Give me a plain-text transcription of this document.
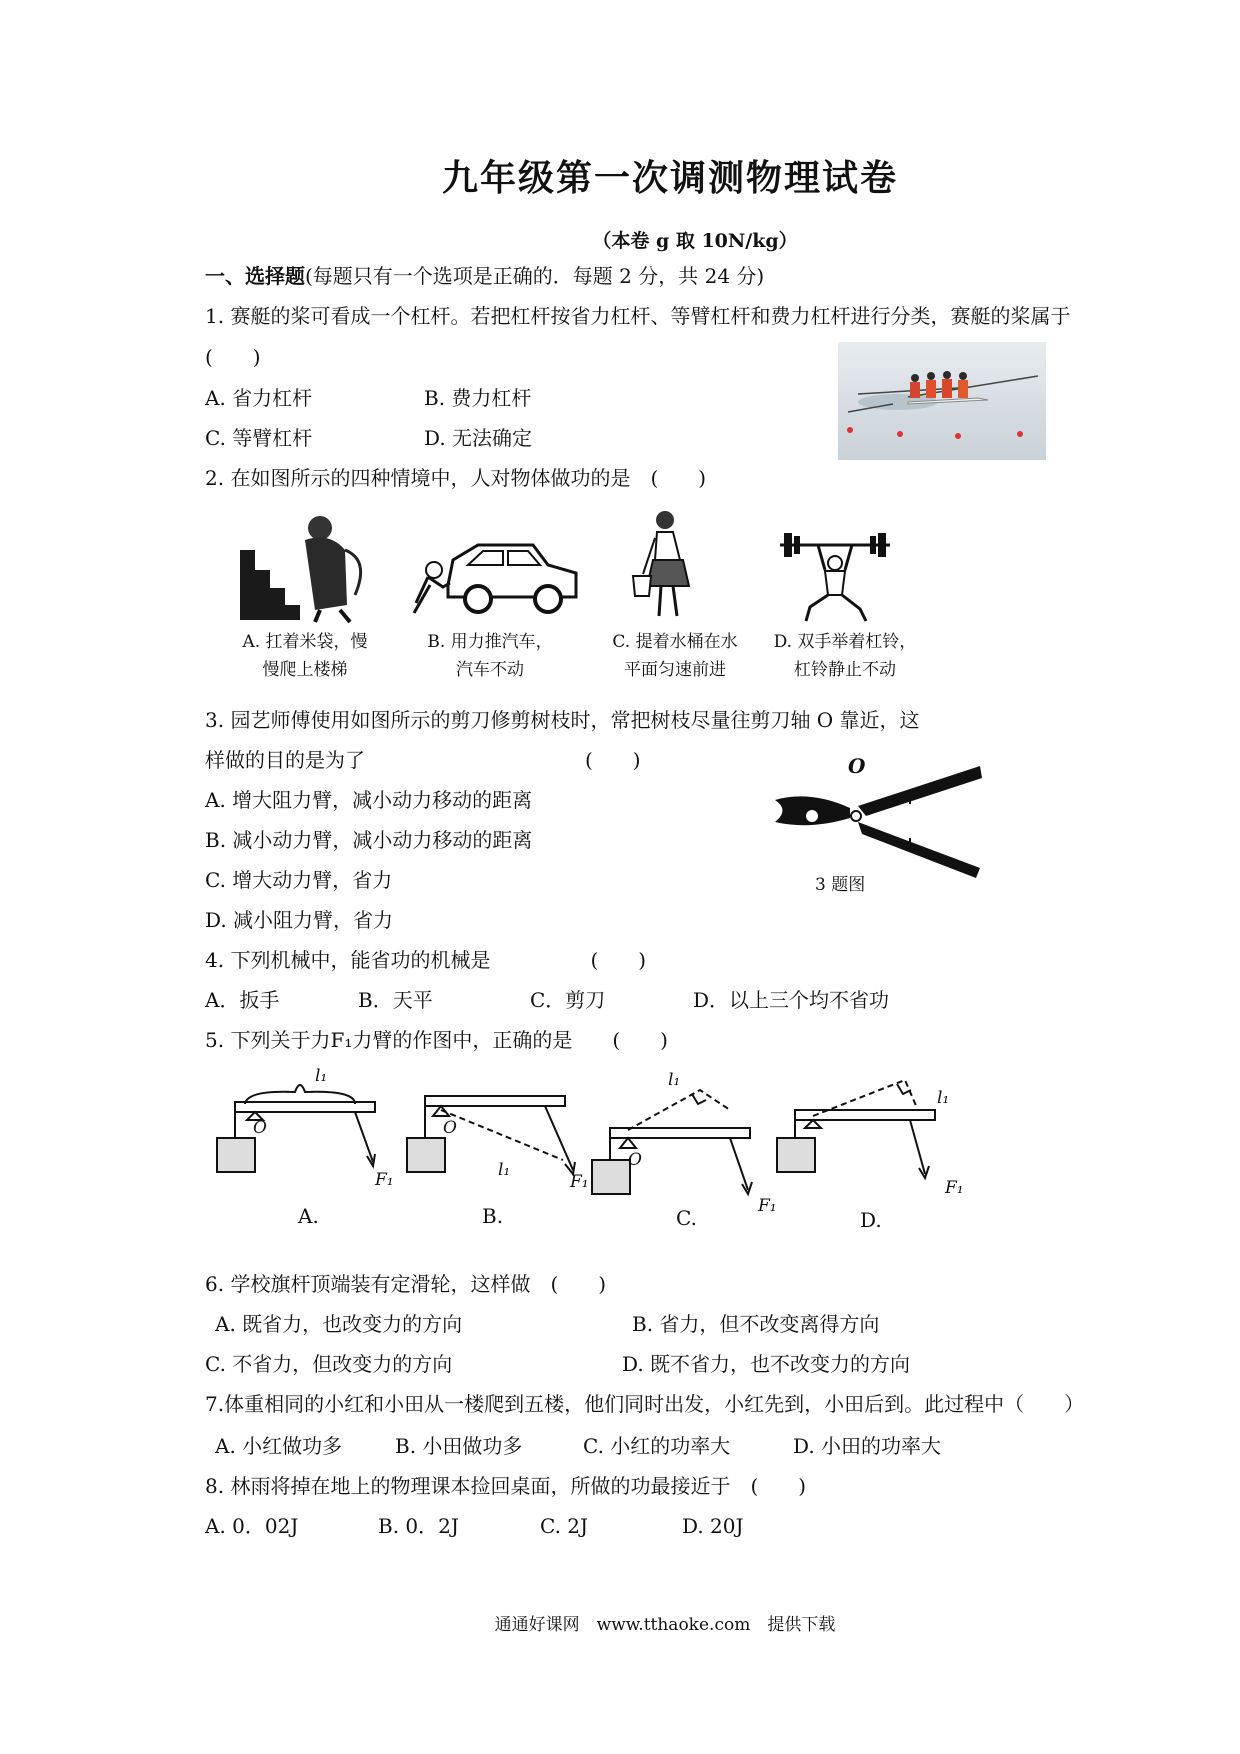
九年级第一次调测物理试卷
（本卷 g 取 10N/kg）
一、选择题(每题只有一个选项是正确的．每题 2 分，共 24 分)
1. 赛艇的桨可看成一个杠杆。若把杠杆按省力杠杆、等臂杠杆和费力杠杆进行分类，赛艇的桨属于
(　　)
A. 省力杠杆	B. 费力杠杆
C. 等臂杠杆	D. 无法确定
2. 在如图所示的四种情境中，人对物体做功的是　(　　)
A. 扛着米袋，慢
慢爬上楼梯
B. 用力推汽车，
汽车不动
C. 提着水桶在水
平面匀速前进
D. 双手举着杠铃，
杠铃静止不动
3. 园艺师傅使用如图所示的剪刀修剪树枝时，常把树枝尽量往剪刀轴 O 靠近，这
样做的目的是为了　　　　　　　　　　　(　　)
A. 增大阻力臂，减小动力移动的距离
B. 减小动力臂，减小动力移动的距离
C. 增大动力臂，省力
D. 减小阻力臂，省力
O
3 题图
4. 下列机械中，能省功的机械是　　　　　(　　)
A．扳手	B．天平	C．剪刀	D．以上三个均不省功
5. 下列关于力F₁力臂的作图中，正确的是　　(　　)
l₁
O
F₁
O
l₁
F₁
l₁
O
F₁
l₁
F₁
A.	B.	C.	D.
6. 学校旗杆顶端装有定滑轮，这样做　(　　)
A. 既省力，也改变力的方向	B. 省力，但不改变离得方向
C. 不省力，但改变力的方向	D. 既不省力，也不改变力的方向
7.体重相同的小红和小田从一楼爬到五楼，他们同时出发，小红先到，小田后到。此过程中（　　）
A. 小红做功多	B. 小田做功多	C. 小红的功率大	D. 小田的功率大
8. 林雨将掉在地上的物理课本捡回桌面，所做的功最接近于　(　　)
A. 0．02J	B. 0．2J	C. 2J	D. 20J
通通好课网　www.tthaoke.com　提供下载
